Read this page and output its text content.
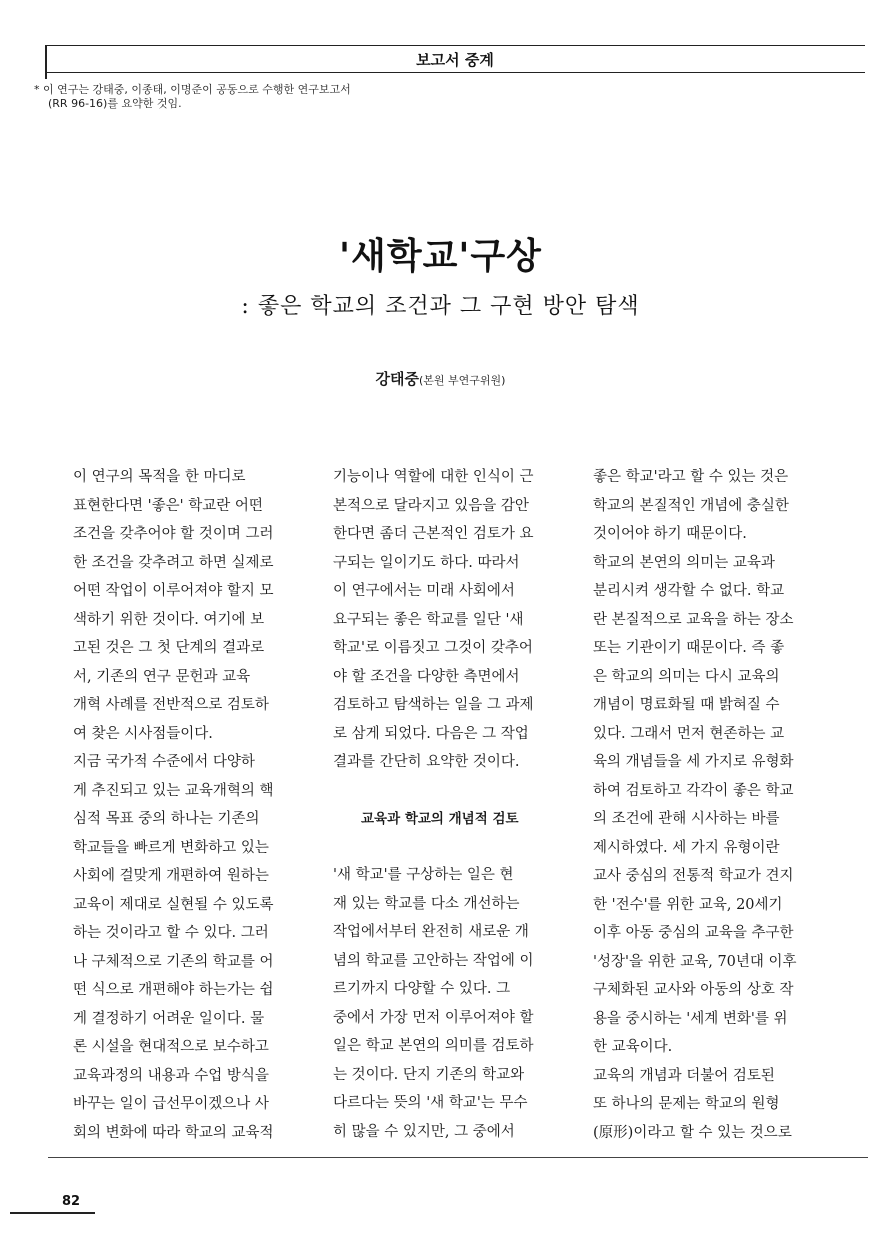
보고서 중계
* 이 연구는 강태중, 이종태, 이명준이 공동으로 수행한 연구보고서
(RR 96-16)를 요약한 것임.
'새학교'구상
: 좋은 학교의 조건과 그 구현 방안 탐색
강태중(본원 부연구위원)
이 연구의 목적을 한 마디로
표현한다면 '좋은' 학교란 어떤
조건을 갖추어야 할 것이며 그러
한 조건을 갖추려고 하면 실제로
어떤 작업이 이루어져야 할지 모
색하기 위한 것이다. 여기에 보
고된 것은 그 첫 단계의 결과로
서, 기존의 연구 문헌과 교육
개혁 사례를 전반적으로 검토하
여 찾은 시사점들이다.
지금 국가적 수준에서 다양하
게 추진되고 있는 교육개혁의 핵
심적 목표 중의 하나는 기존의
학교들을 빠르게 변화하고 있는
사회에 걸맞게 개편하여 원하는
교육이 제대로 실현될 수 있도록
하는 것이라고 할 수 있다. 그러
나 구체적으로 기존의 학교를 어
떤 식으로 개편해야 하는가는 쉽
게 결정하기 어려운 일이다. 물
론 시설을 현대적으로 보수하고
교육과정의 내용과 수업 방식을
바꾸는 일이 급선무이겠으나 사
회의 변화에 따라 학교의 교육적
기능이나 역할에 대한 인식이 근
본적으로 달라지고 있음을 감안
한다면 좀더 근본적인 검토가 요
구되는 일이기도 하다. 따라서
이 연구에서는 미래 사회에서
요구되는 좋은 학교를 일단 '새
학교'로 이름짓고 그것이 갖추어
야 할 조건을 다양한 측면에서
검토하고 탐색하는 일을 그 과제
로 삼게 되었다. 다음은 그 작업
결과를 간단히 요약한 것이다.
교육과 학교의 개념적 검토
'새 학교'를 구상하는 일은 현
재 있는 학교를 다소 개선하는
작업에서부터 완전히 새로운 개
념의 학교를 고안하는 작업에 이
르기까지 다양할 수 있다. 그
중에서 가장 먼저 이루어져야 할
일은 학교 본연의 의미를 검토하
는 것이다. 단지 기존의 학교와
다르다는 뜻의 '새 학교'는 무수
히 많을 수 있지만, 그 중에서
좋은 학교'라고 할 수 있는 것은
학교의 본질적인 개념에 충실한
것이어야 하기 때문이다.
학교의 본연의 의미는 교육과
분리시켜 생각할 수 없다. 학교
란 본질적으로 교육을 하는 장소
또는 기관이기 때문이다. 즉 좋
은 학교의 의미는 다시 교육의
개념이 명료화될 때 밝혀질 수
있다. 그래서 먼저 현존하는 교
육의 개념들을 세 가지로 유형화
하여 검토하고 각각이 좋은 학교
의 조건에 관해 시사하는 바를
제시하였다. 세 가지 유형이란
교사 중심의 전통적 학교가 견지
한 '전수'를 위한 교육, 20세기
이후 아동 중심의 교육을 추구한
'성장'을 위한 교육, 70년대 이후
구체화된 교사와 아동의 상호 작
용을 중시하는 '세계 변화'를 위
한 교육이다.
교육의 개념과 더불어 검토된
또 하나의 문제는 학교의 원형
(原形)이라고 할 수 있는 것으로
82
